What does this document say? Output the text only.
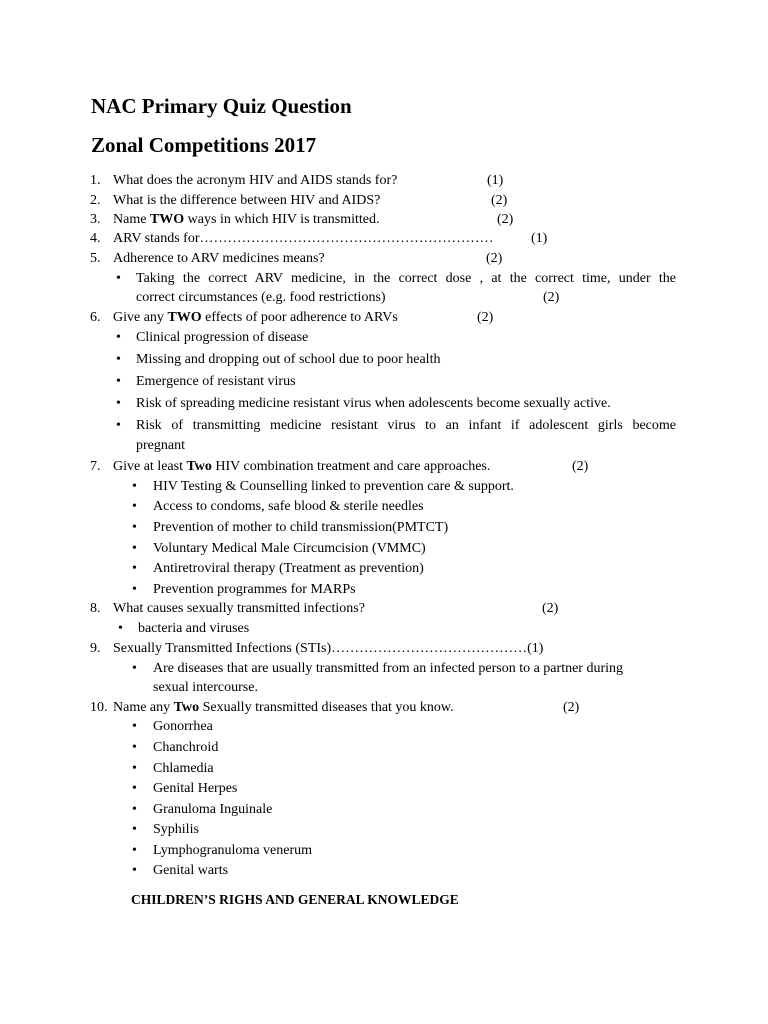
NAC Primary Quiz Question
Zonal Competitions 2017
1. What does the acronym HIV and AIDS stands for?	(1)
2. What is the difference between HIV and AIDS?	(2)
3. Name TWO ways in which HIV is transmitted.	(2)
4. ARV stands for………………………………………………………	(1)
5. Adherence to ARV medicines means?	(2)
• Taking the correct ARV medicine, in the correct dose , at the correct time, under the
correct circumstances (e.g. food restrictions)	(2)
6. Give any TWO effects of poor adherence to ARVs	(2)
• Clinical progression of disease
• Missing and dropping out of school due to poor health
• Emergence of resistant virus
• Risk of spreading medicine resistant virus when adolescents become sexually active.
• Risk of transmitting medicine resistant virus to an infant if adolescent girls become
pregnant
7. Give at least Two HIV combination treatment and care approaches.	(2)
• HIV Testing & Counselling linked to prevention care & support.
• Access to condoms, safe blood & sterile needles
• Prevention of mother to child transmission(PMTCT)
• Voluntary Medical Male Circumcision (VMMC)
• Antiretroviral therapy (Treatment as prevention)
• Prevention programmes for MARPs
8. What causes sexually transmitted infections?	(2)
• bacteria and viruses
9. Sexually Transmitted Infections (STIs)……………………………………(1)
• Are diseases that are usually transmitted from an infected person to a partner during
sexual intercourse.
10. Name any Two Sexually transmitted diseases that you know.	(2)
• Gonorrhea
• Chanchroid
• Chlamedia
• Genital Herpes
• Granuloma Inguinale
• Syphilis
• Lymphogranuloma venerum
• Genital warts
CHILDREN’S RIGHS AND GENERAL KNOWLEDGE
